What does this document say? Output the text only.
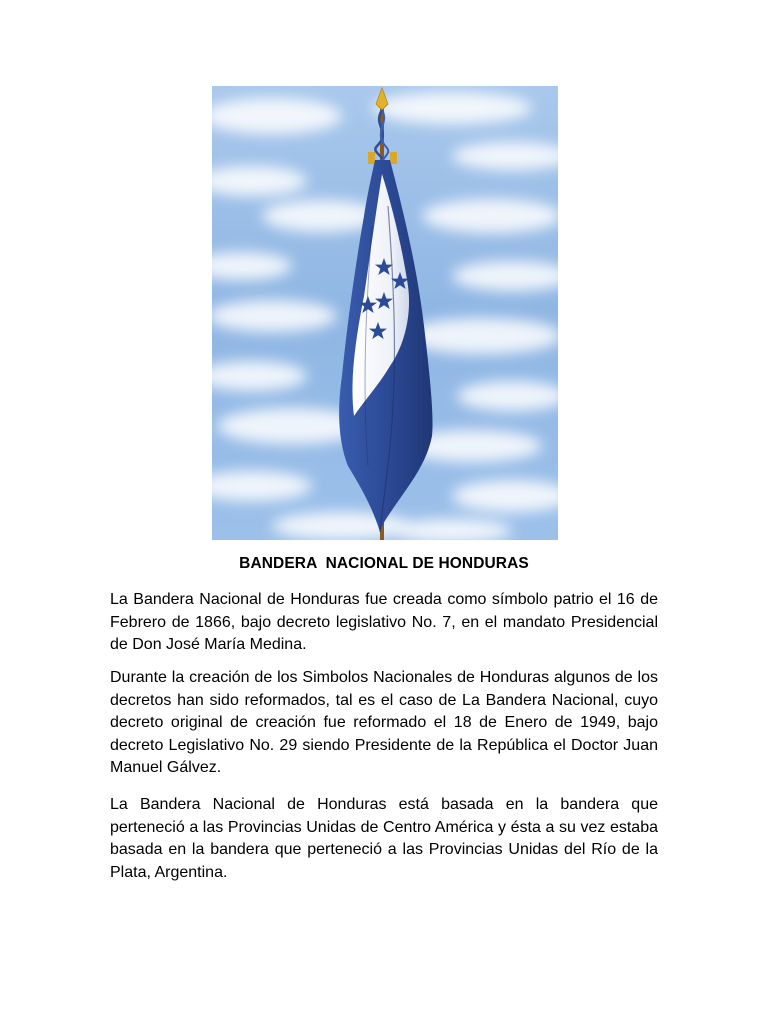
BANDERA  NACIONAL DE HONDURAS

La Bandera Nacional de Honduras fue creada como símbolo patrio el 16 de Febrero de 1866, bajo decreto legislativo No. 7, en el mandato Presidencial de Don José María Medina.

Durante la creación de los Simbolos Nacionales de Honduras algunos de los decretos han sido reformados, tal es el caso de La Bandera Nacional, cuyo decreto original de creación fue reformado el 18 de Enero de 1949, bajo decreto Legislativo No. 29 siendo Presidente de la República el Doctor Juan Manuel Gálvez.

La Bandera Nacional de Honduras está basada en la bandera que perteneció a las Provincias Unidas de Centro América y ésta a su vez estaba basada en la bandera que perteneció a las Provincias Unidas del Río de la Plata, Argentina.
